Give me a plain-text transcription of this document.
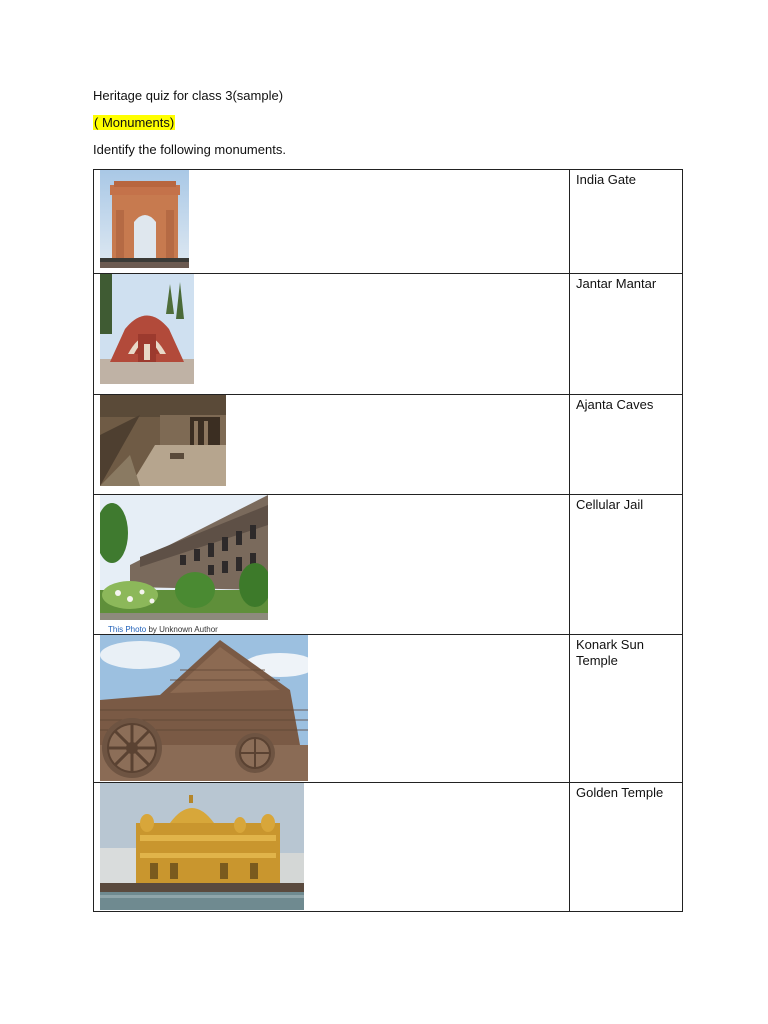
Heritage quiz for class 3(sample)
( Monuments)
Identify the following monuments.
	India Gate

	Jantar Mantar

	Ajanta Caves

This Photo by Unknown Author	Cellular Jail

	Konark Sun Temple

	Golden Temple
